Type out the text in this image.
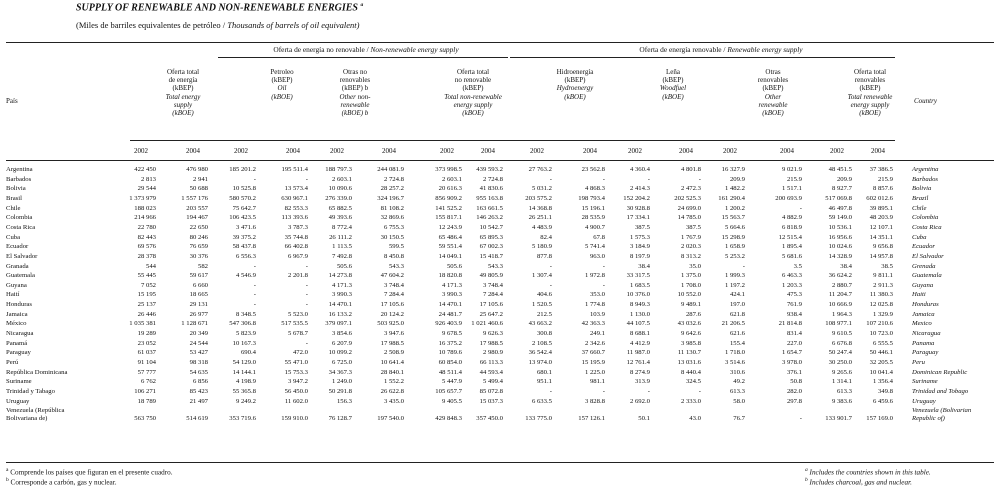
SUPPLY OF RENEWABLE AND NON-RENEWABLE ENERGIES $^a$
(Miles de barriles equivalentes de petróleo / Thousands of barrels of oil equivalent)
Oferta de energía no renovable / Non-renewable energy supply	Oferta de energía renovable / Renewable energy supply
País	Country
Oferta total
de energía
(kBEP)
Total energy
supply
(kBOE)
Petroleo
(kBEP)
Oil
(kBOE)
Otras no
renovables
(kBEP) b
Other non-
renewable
(kBOE) b
Oferta total
no renovable
(kBEP)
Total non-renewable
energy supply
(kBOE)
Hidroenergía
(kBEP)
Hydroenergy
(kBOE)
Leña
(kBEP)
Woodfuel
(kBOE)
Otras
renovables
(kBEP)
Other
renewable
(kBOE)
Oferta total
renovables
(kBEP)
Total renewable
energy supply
(kBOE)
2002	2004	2002	2004	2002	2004	2002	2004	2002	2004	2002	2004	2002	2004	2002	2004
Argentina	422 450	476 980	185 201.2	195 511.4	188 797.3	244 081.9	373 998.5	439 593.2	27 763.2	23 562.8	4 360.4	4 801.8	16 327.9	9 021.9	48 451.5	37 386.5	Argentina
Barbados	2 813	2 941	-	-	2 603.1	2 724.8	2 603.1	2 724.8	-	-	-	-	209.9	215.9	209.9	215.9	Barbados
Bolivia	29 544	50 688	10 525.8	13 573.4	10 090.6	28 257.2	20 616.3	41 830.6	5 031.2	4 868.3	2 414.3	2 472.3	1 482.2	1 517.1	8 927.7	8 857.6	Bolivia
Brasil	1 373 979	1 557 176	580 570.2	630 967.1	276 339.0	324 196.7	856 909.2	955 163.8	203 575.2	198 793.4	152 204.2	202 525.3	161 290.4	200 693.9	517 069.8	602 012.6	Brazil
Chile	188 023	203 557	75 642.7	82 553.3	65 882.5	81 108.2	141 525.2	163 661.5	14 368.8	15 196.1	30 928.8	24 699.0	1 200.2	-	46 497.8	39 895.1	Chile
Colombia	214 966	194 467	106 423.5	113 393.6	49 393.6	32 869.6	155 817.1	146 263.2	26 251.1	28 535.9	17 334.1	14 785.0	15 563.7	4 882.9	59 149.0	48 203.9	Colombia
Costa Rica	22 780	22 650	3 471.6	3 787.3	8 772.4	6 755.3	12 243.9	10 542.7	4 483.9	4 900.7	387.5	387.5	5 664.6	6 818.9	10 536.1	12 107.1	Costa Rica
Cuba	82 443	80 246	39 375.2	35 744.8	26 111.2	30 150.5	65 486.4	65 895.3	82.4	67.8	1 575.3	1 767.9	15 298.9	12 515.4	16 956.6	14 351.1	Cuba
Ecuador	69 576	76 659	58 437.8	66 402.8	1 113.5	599.5	59 551.4	67 002.3	5 180.9	5 741.4	3 184.9	2 020.3	1 658.9	1 895.4	10 024.6	9 656.8	Ecuador
El Salvador	28 378	30 376	6 556.3	6 967.9	7 492.8	8 450.8	14 049.1	15 418.7	877.8	963.0	8 197.9	8 313.2	5 253.2	5 681.6	14 328.9	14 957.8	El Salvador
Granada	544	582	-	-	505.6	543.3	505.6	543.3	-	-	38.4	35.0	-	3.5	38.4	38.5	Grenada
Guatemala	55 445	59 617	4 546.9	2 201.8	14 273.8	47 604.2	18 820.8	49 805.9	1 307.4	1 972.8	33 317.5	1 375.0	1 999.3	6 463.3	36 624.2	9 811.1	Guatemala
Guyana	7 052	6 660	-	-	4 171.3	3 748.4	4 171.3	3 748.4	-	-	1 683.5	1 708.0	1 197.2	1 203.3	2 880.7	2 911.3	Guyana
Haití	15 195	18 665	-	-	3 990.3	7 284.4	3 990.3	7 284.4	404.6	353.0	10 376.0	10 552.0	424.1	475.3	11 204.7	11 380.3	Haiti
Honduras	25 137	29 131	-	-	14 470.1	17 105.6	14 470.1	17 105.6	1 520.5	1 774.8	8 949.3	9 489.1	197.0	761.9	10 666.9	12 025.8	Honduras
Jamaica	26 446	26 977	8 348.5	5 523.0	16 133.2	20 124.2	24 481.7	25 647.2	212.5	103.9	1 130.0	287.6	621.8	938.4	1 964.3	1 329.9	Jamaica
México	1 035 381	1 128 671	547 306.8	517 535.5	379 097.1	503 925.0	926 403.9	1 021 460.6	43 663.2	42 363.3	44 107.5	43 032.6	21 206.5	21 814.8	108 977.1	107 210.6	Mexico
Nicaragua	19 289	20 349	5 823.9	5 678.7	3 854.6	3 947.6	9 678.5	9 626.3	300.8	249.1	8 688.1	9 642.6	621.6	831.4	9 610.5	10 723.0	Nicaragua
Panamá	23 052	24 544	10 167.3	-	6 207.9	17 988.5	16 375.2	17 988.5	2 108.5	2 342.6	4 412.9	3 985.8	155.4	227.0	6 676.8	6 555.5	Panama
Paraguay	61 037	53 427	690.4	472.0	10 099.2	2 508.9	10 789.6	2 980.9	36 542.4	37 660.7	11 987.0	11 130.7	1 718.0	1 654.7	50 247.4	50 446.1	Paraguay
Perú	91 104	98 318	54 129.0	55 471.0	6 725.0	10 641.4	60 854.0	66 113.3	13 974.0	15 195.9	12 761.4	13 031.6	3 514.6	3 978.0	30 250.0	32 205.5	Peru
República Dominicana	57 777	54 635	14 144.1	15 753.3	34 367.3	28 840.1	48 511.4	44 593.4	680.1	1 225.0	8 274.9	8 440.4	310.6	376.1	9 265.6	10 041.4	Dominican Republic
Suriname	6 762	6 856	4 198.9	3 947.2	1 249.0	1 552.2	5 447.9	5 499.4	951.1	981.1	313.9	324.5	49.2	50.8	1 314.1	1 356.4	Suriname
Trinidad y Tabago	106 271	85 423	55 365.8	56 450.0	50 291.8	26 622.8	105 657.7	85 072.8	-	-	-	-	613.3	282.0	613.3	349.8	Trinidad and Tobago
Uruguay	18 789	21 497	9 249.2	11 602.0	156.3	3 435.0	9 405.5	15 037.3	6 633.5	3 828.8	2 692.0	2 333.0	58.0	297.8	9 383.6	6 459.6	Uruguay
Venezuela (República
Bolivariana de)	563 750	514 619	353 719.6	159 910.0	76 128.7	197 540.0	429 848.3	357 450.0	133 775.0	157 126.1	50.1	43.0	76.7	-	133 901.7	157 169.0
Venezuela (Bolivarian
Republic of)
$^a$ Comprende los países que figuran en el presente cuadro.
$^b$ Corresponde a carbón, gas y nuclear.
$^a$ Includes the countries shown in this table.
$^b$ Includes charcoal, gas and nuclear.
